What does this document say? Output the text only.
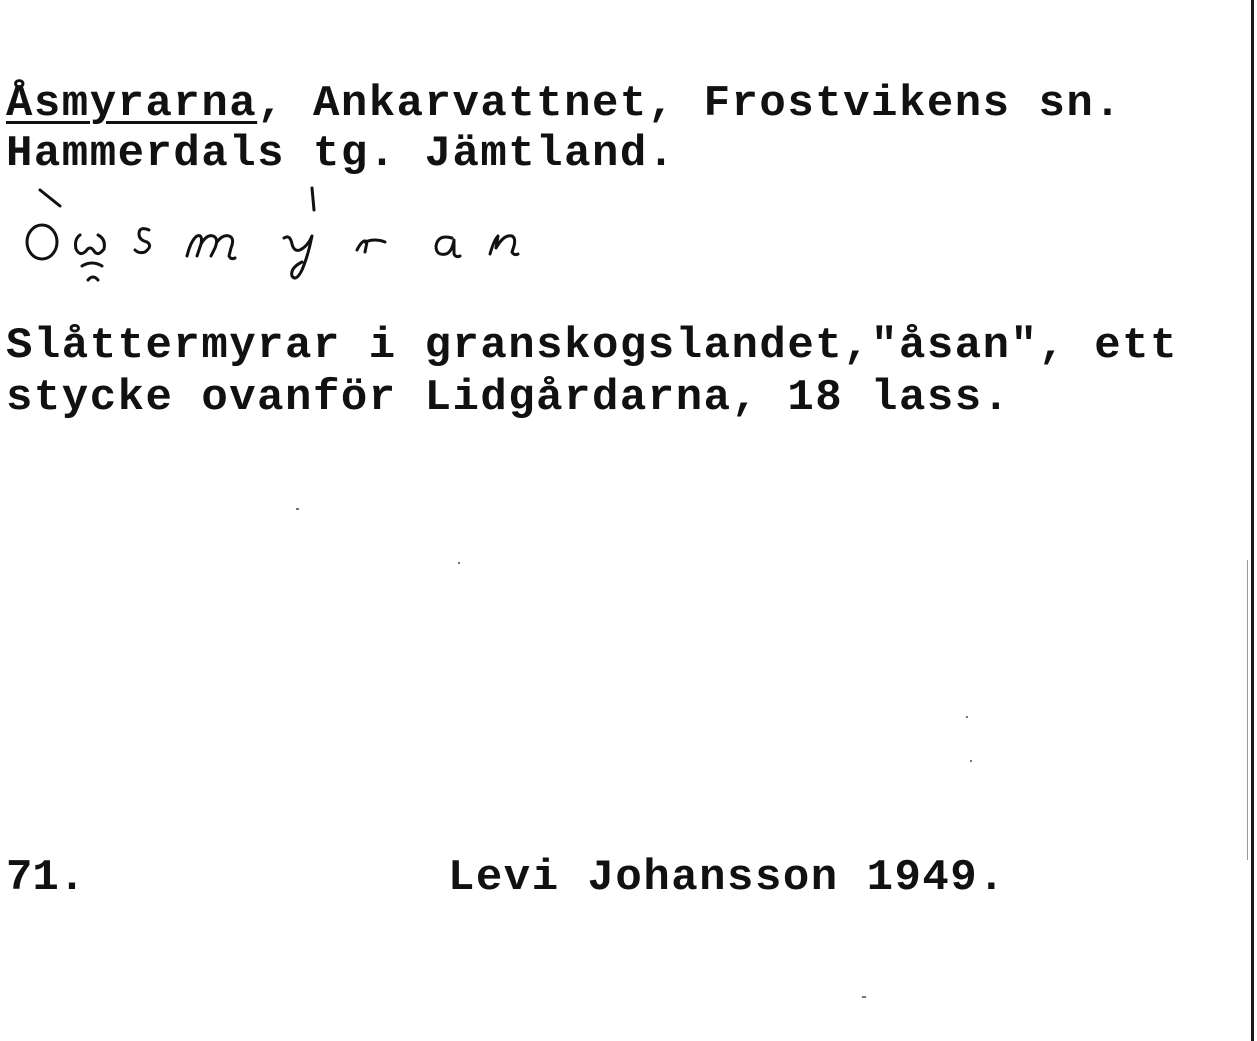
Åsmyrarna, Ankarvattnet, Frostvikens sn.

Hammerdals tg. Jämtland.

Slåttermyrar i granskogslandet,"åsan", ett

stycke ovanför Lidgårdarna, 18 lass.

71.	Levi Johansson 1949.
